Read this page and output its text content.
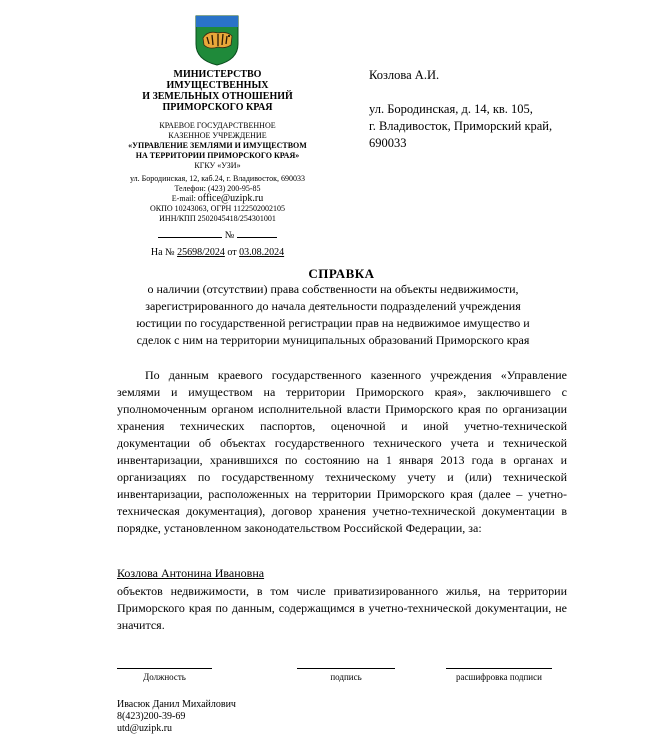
МИНИСТЕРСТВО
ИМУЩЕСТВЕННЫХ
И ЗЕМЕЛЬНЫХ ОТНОШЕНИЙ
ПРИМОРСКОГО КРАЯ
КРАЕВОЕ ГОСУДАРСТВЕННОЕ
КАЗЕННОЕ УЧРЕЖДЕНИЕ
«УПРАВЛЕНИЕ ЗЕМЛЯМИ И ИМУЩЕСТВОМ
НА ТЕРРИТОРИИ ПРИМОРСКОГО КРАЯ»
КГКУ «УЗИ»
ул. Бородинская, 12, каб.24, г. Владивосток, 690033
Телефон: (423) 200-95-85
E-mail: office@uzipk.ru
ОКПО 10243063, ОГРН 1122502002105
ИНН/КПП 2502045418/254301001
№
На № 25698/2024 от 03.08.2024
Козлова А.И.
ул. Бородинская, д. 14, кв. 105,
г. Владивосток, Приморский край,
690033
СПРАВКА
о наличии (отсутствии) права собственности на объекты недвижимости,
зарегистрированного до начала деятельности подразделений учреждения
юстиции по государственной регистрации прав на недвижимое имущество и
сделок с ним на территории муниципальных образований Приморского края
По данным краевого государственного казенного учреждения «Управление землями и имуществом на территории Приморского края», заключившего с уполномоченным органом исполнительной власти Приморского края по организации хранения технических паспортов, оценочной и иной учетно-технической документации об объектах государственного технического учета и технической инвентаризации, хранившихся по состоянию на 1 января 2013 года в органах и организациях по государственному техническому учету и (или) технической инвентаризации, расположенных на территории Приморского края (далее – учетно-техническая документация), договор хранения учетно-технической документации в порядке, установленном законодательством Российской Федерации, за:
Козлова Антонина Ивановна
объектов недвижимости, в том числе приватизированного жилья, на территории Приморского края по данным, содержащимся в учетно-технической документации, не значится.
Должность	подпись	расшифровка подписи
Ивасюк Данил Михайлович
8(423)200-39-69
utd@uzipk.ru
